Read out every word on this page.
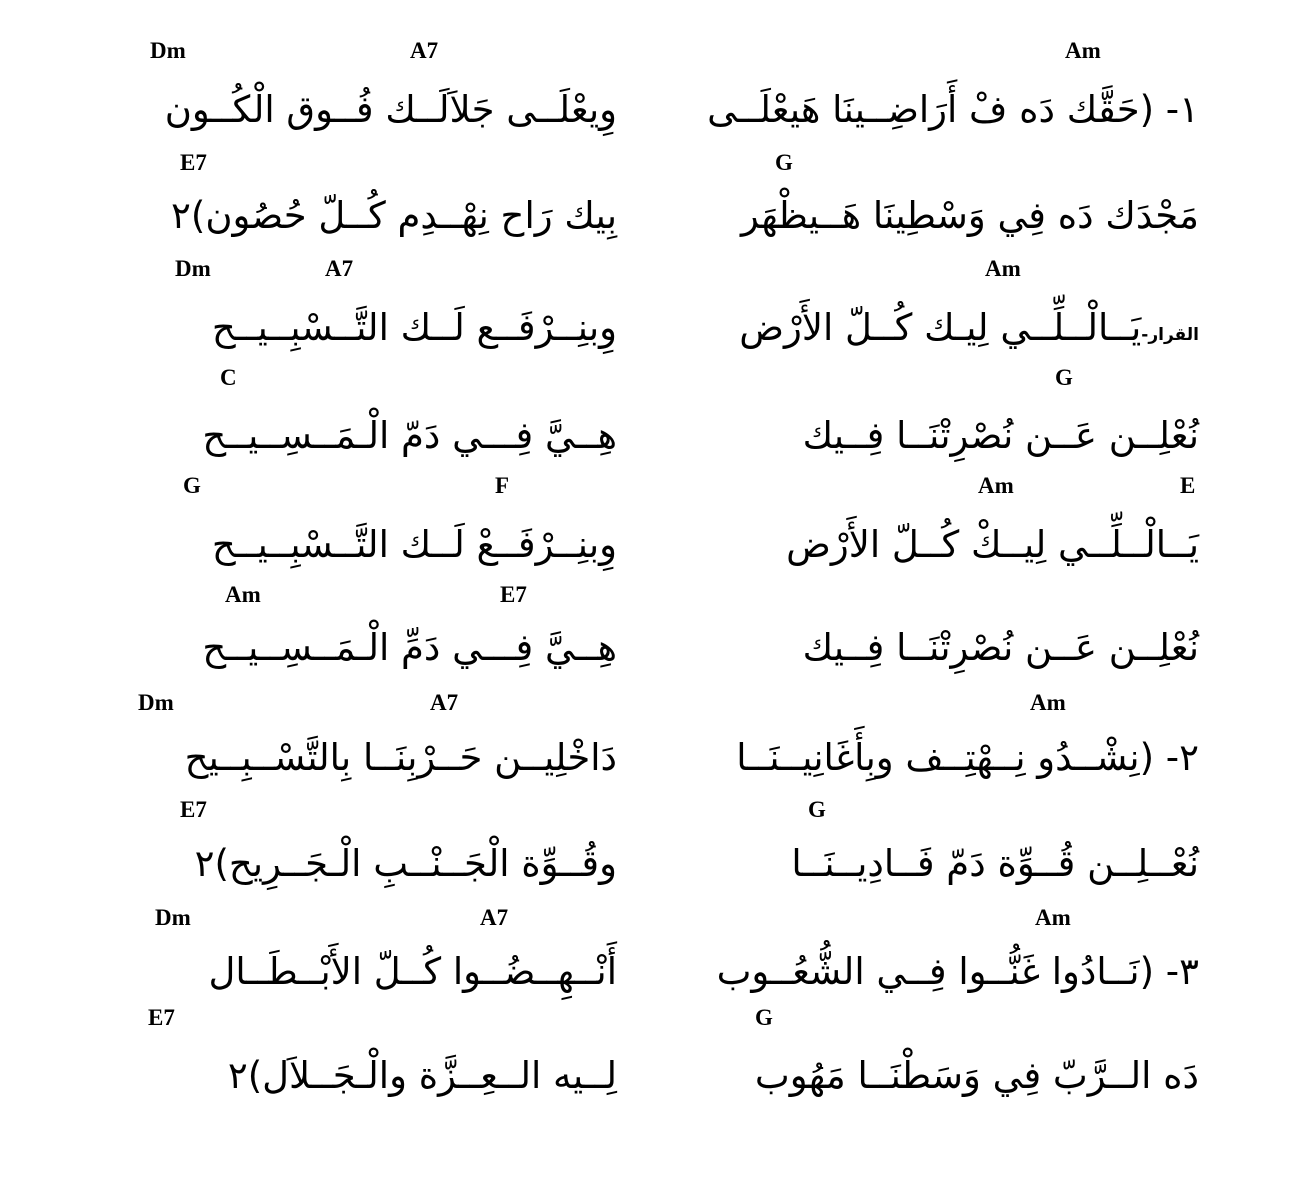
Dm	A7	Am
١- (حَقَّك دَه فْ أَرَاضِــينَا هَيعْلَــى
وِيعْلَــى جَلاَلَــك فُــوق الْكُــون
E7	G
مَجْدَك دَه فِي وَسْطِينَا هَــيظْهَر
بِيك رَاح نِهْــدِم كُــلّ حُصُون)٢
Dm	A7	Am
القرار-يَــالْــلِّــي لِيـك كُــلّ الأَرْض
وِبنِــرْفَــع لَــك التَّــسْبِــيــح
C	G
نُعْلِــن عَــن نُصْرِتْنَــا فِــيك
هِــيَّ فِـــي دَمّ الْـمَــسِــيــح
G	F	Am	E
يَــالْــلِّــي لِيــكْ كُــلّ الأَرْض
وِبنِــرْفَــعْ لَــك التَّــسْبِــيــح
Am	E7
نُعْلِــن عَــن نُصْرِتْنَــا فِــيك
هِــيَّ فِـــي دَمِّ الْـمَــسِــيــح
Dm	A7	Am
٢- (نِشْــدُو نِــهْتِــف وبِأَغَانِيــنَــا
دَاخْلِيــن حَــرْبِنَــا بِالتَّسْــبِــيح
E7	G
نُعْــلِــن قُــوِّة دَمّ فَــادِيــنَــا
وقُــوِّة الْجَــنْــبِ الْـجَــرِيح)٢
Dm	A7	Am
٣- (نَــادُوا غَنُّــوا فِــي الشُّعُــوب
أَنْــهِــضُــوا كُــلّ الأَبْــطَــال
E7	G
دَه الــرَّبّ فِي وَسَطْنَــا مَهُوب
لِــيه الــعِــزَّة والْـجَــلاَل)٢
